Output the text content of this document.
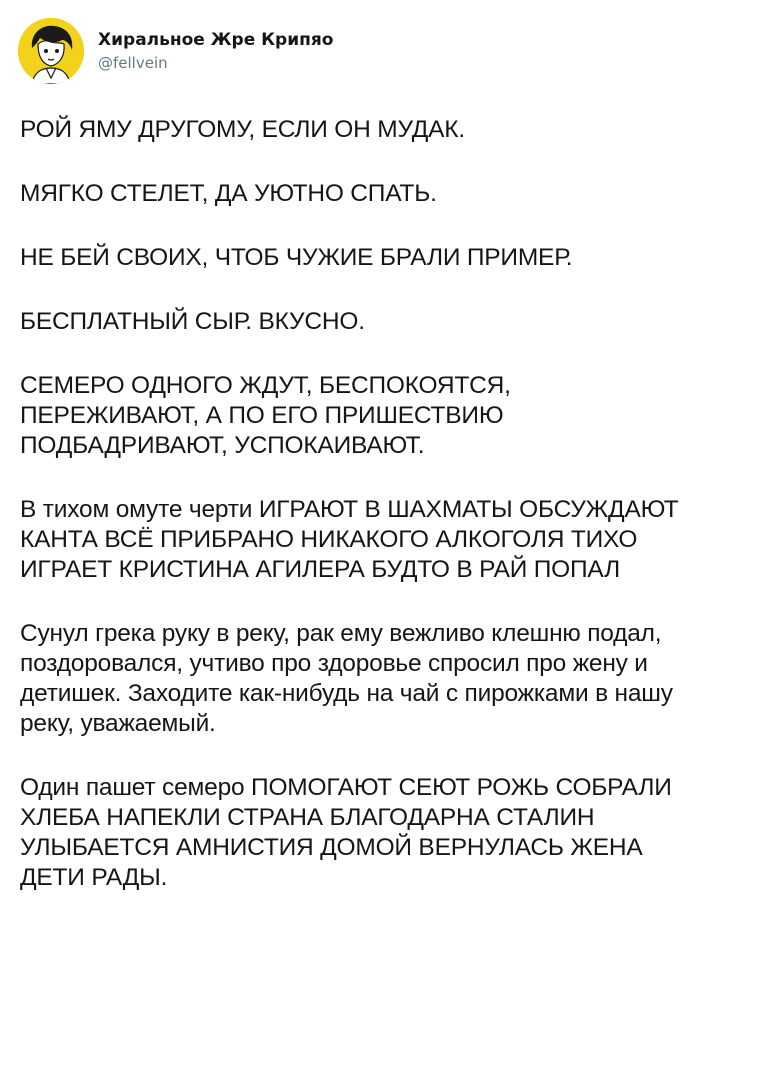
Хиральное Жре Крипяо
@fellvein

РОЙ ЯМУ ДРУГОМУ, ЕСЛИ ОН МУДАК.

МЯГКО СТЕЛЕТ, ДА УЮТНО СПАТЬ.

НЕ БЕЙ СВОИХ, ЧТОБ ЧУЖИЕ БРАЛИ ПРИМЕР.

БЕСПЛАТНЫЙ СЫР. ВКУСНО.

СЕМЕРО ОДНОГО ЖДУТ, БЕСПОКОЯТСЯ,
ПЕРЕЖИВАЮТ, А ПО ЕГО ПРИШЕСТВИЮ
ПОДБАДРИВАЮТ, УСПОКАИВАЮТ.

В тихом омуте черти ИГРАЮТ В ШАХМАТЫ ОБСУЖДАЮТ
КАНТА ВСЁ ПРИБРАНО НИКАКОГО АЛКОГОЛЯ ТИХО
ИГРАЕТ КРИСТИНА АГИЛЕРА БУДТО В РАЙ ПОПАЛ

Сунул грека руку в реку, рак ему вежливо клешню подал,
поздоровался, учтиво про здоровье спросил про жену и
детишек. Заходите как-нибудь на чай с пирожками в нашу
реку, уважаемый.

Один пашет семеро ПОМОГАЮТ СЕЮТ РОЖЬ СОБРАЛИ
ХЛЕБА НАПЕКЛИ СТРАНА БЛАГОДАРНА СТАЛИН
УЛЫБАЕТСЯ АМНИСТИЯ ДОМОЙ ВЕРНУЛАСЬ ЖЕНА
ДЕТИ РАДЫ.
